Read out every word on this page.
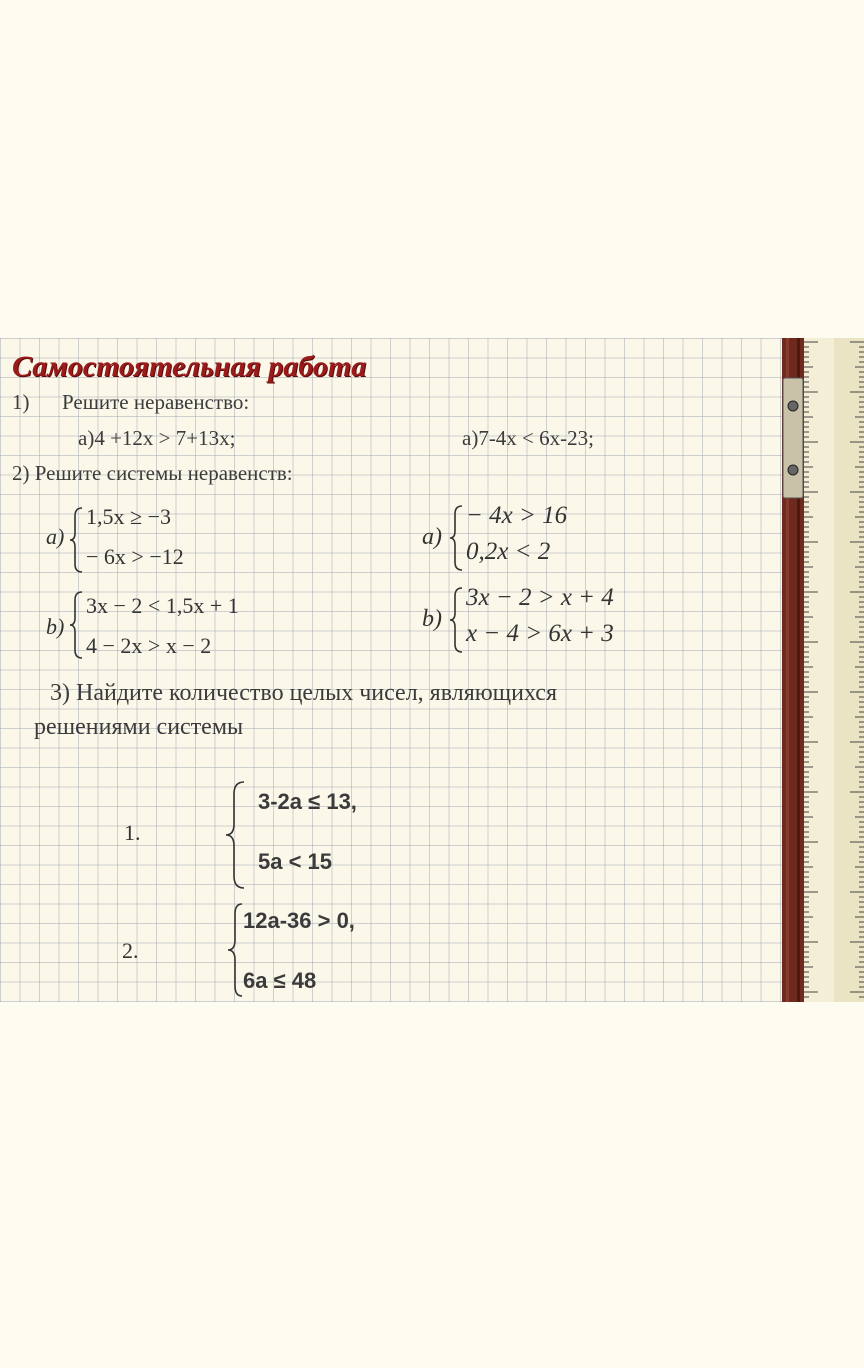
Самостоятельная работа
1) Решите неравенство:
а)4 +12х > 7+13х;	а)7-4х < 6х-23;
2) Решите системы неравенств:
a)
1,5x ≥ −3
− 6x > −12
b)
3x − 2 < 1,5x + 1
4 − 2x > x − 2
a)
− 4x > 16
0,2x < 2
b)
3x − 2 > x + 4
x − 4 > 6x + 3
3) Найдите количество целых чисел, являющихся
решениями системы
1.
3-2a ≤ 13,
5a < 15
2.
12a-36 > 0,
6a ≤ 48
